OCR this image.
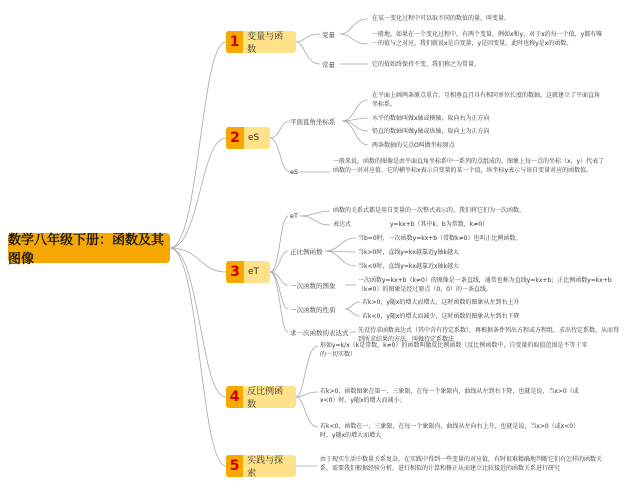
数学八年级下册：函数及其图像
1 变量与函数
2 eS
3 eT
4 反比例函数
5 实践与探索
变量
常量
在某一变化过程中可以取不同的数值的量，叫变量。
一般地，如果在一个变化过程中，有两个变量，例如x和y，对于x的每一个值，y都有唯一的值与之对应，我们就说x是自变量，y是因变量，此时也称y是x的函数。
它的值始终保持不变，我们称之为常量。
平面直角坐标系
eS
在平面上画两条原点重合、互相垂直且具有相同单位长度的数轴，这就建立了平面直角坐标系。
水平的数轴叫做x轴或横轴，取向右为正方向
铅直的数轴叫做y轴或纵轴，取向上为正方向
两条数轴的交点O叫做坐标原点
一般来说，函数的图像是由平面直角坐标系中一系列的点组成的。图象上每一点的坐标（x，y）代表了函数的一对对应值，它的横坐标x表示自变量的某一个值，纵坐标y表示与该自变量对应的函数值。
eT
正比例函数
一次函数的图象
一次函数的性质
求一次函数的表达式
函数的关系式都是用自变量的一次整式表示的，我们将它们为一次函数。
表达式	y=kx+b（其中k、b为常数，k≠0）
当b=0时，一次函数y=kx+b（常数k≠0）也叫正比例函数。
当k>0时，直线y=kx越靠近y轴k越大
当k<0时，直线y=kx越靠近x轴k越大
一次函数y=kx+b（k≠0）的图像是一条直线，通常也称为直线y=kx+b；正比例函数y=kx+b（k≠0）的图象是经过原点（0，0）的一条直线。
若k>0，y随x的增大而增大，这时函数的图象从左到右上升
若k<0，y随x的增大而减少，这时函数的图象从左到右下降
先设待求函数表达式（其中含有待定系数），再根据条件列出方程或方程组，求出待定系数，从而得到所求结果的方法，叫做待定系数法
形如y=k/x（k是常数，k≠0）的函数叫做反比例函数（反比例函数中，自变量的取值范围是不等于零的一切实数）
若k>0，函数图象在第一、三象限，在每一个象限内，曲线从左到右下降，也就是说，当x>0（或x<0）时，y随x的增大而减小；
若k<0，函数在一、三象限，在每一个象限内，曲线从左向右上升，也就是说，当x>0（或x<0）时，y随x的增大而增大
由于现实生活中数量关系复杂，在实践中得到一些变量的对应值，有时很难精确地判断它们有怎样的函数关系，需要我们根据经验分析，进行相似的计算和修正从而建立比较接近的函数关系进行研究
